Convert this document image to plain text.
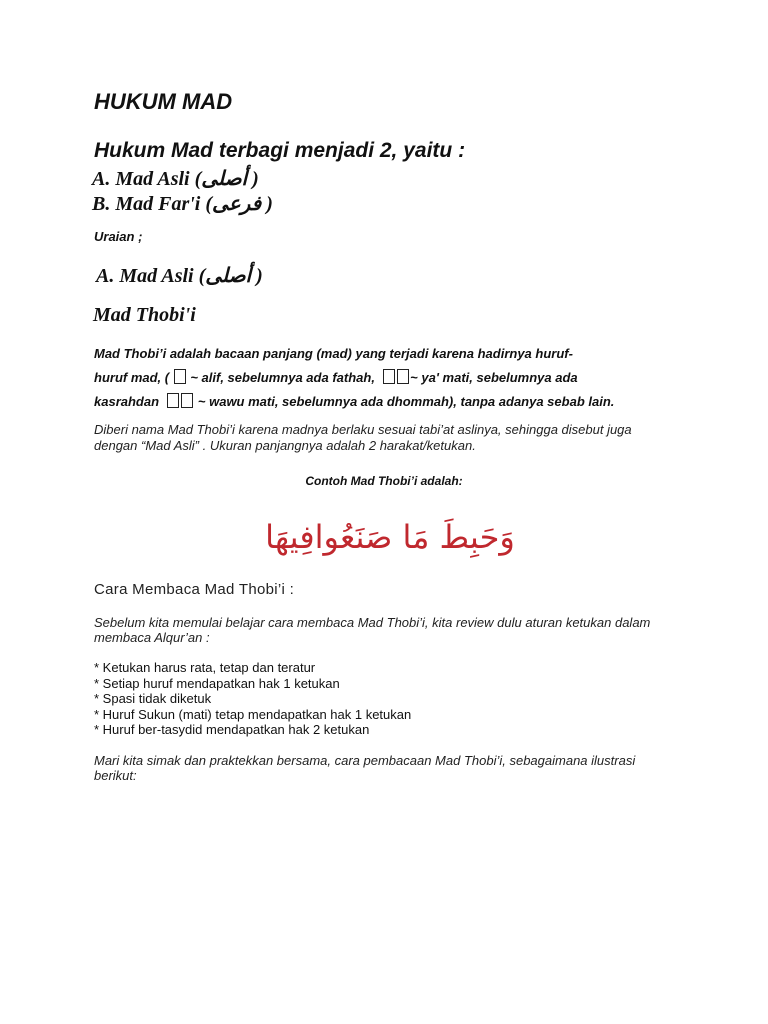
HUKUM MAD
Hukum Mad terbagi menjadi 2, yaitu :
A. Mad Asli (أصلى )
B. Mad Far'i (فرعى )
Uraian ;
A. Mad Asli (أصلى )
Mad Thobi'i
Mad Thobi’i adalah bacaan panjang (mad) yang terjadi karena hadirnya huruf-
huruf mad, (  ~ alif, sebelumnya ada fathah,	~ ya' mati, sebelumnya ada
kasrahdan	~ wawu mati, sebelumnya ada dhommah), tanpa adanya sebab lain.
Diberi nama Mad Thobi’i karena madnya berlaku sesuai tabi’at aslinya, sehingga disebut juga dengan “Mad Asli” . Ukuran panjangnya adalah 2 harakat/ketukan.
Contoh Mad Thobi’i adalah:
وَحَبِطَ مَا صَنَعُوافِيهَا
Cara Membaca Mad Thobi’i :
Sebelum kita memulai belajar cara membaca Mad Thobi’i, kita review dulu aturan ketukan dalam membaca Alqur’an :
* Ketukan harus rata, tetap dan teratur
* Setiap huruf mendapatkan hak 1 ketukan
* Spasi tidak diketuk
* Huruf Sukun (mati) tetap mendapatkan hak 1 ketukan
* Huruf ber-tasydid mendapatkan hak 2 ketukan
Mari kita simak dan praktekkan bersama, cara pembacaan Mad Thobi’i, sebagaimana ilustrasi berikut:
